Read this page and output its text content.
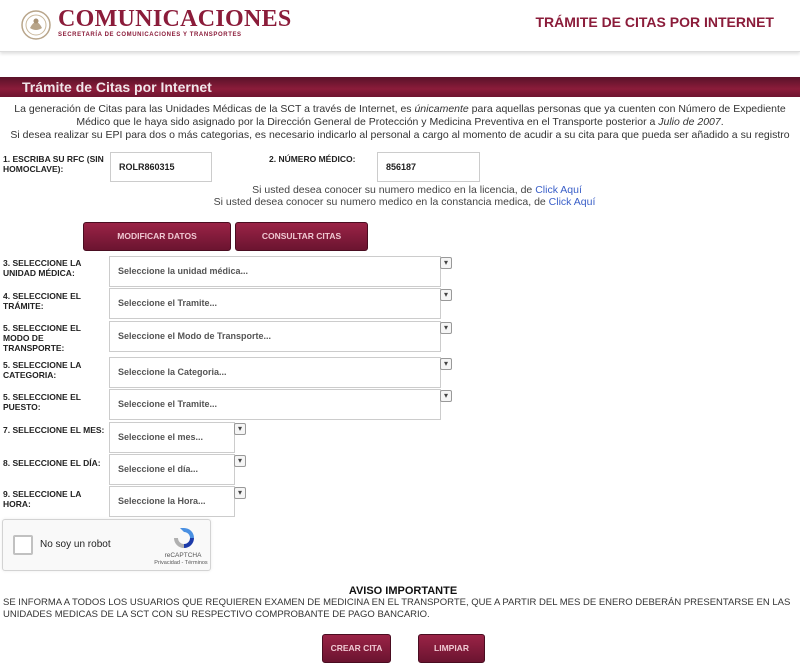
COMUNICACIONES
SECRETARÍA DE COMUNICACIONES Y TRANSPORTES
TRÁMITE DE CITAS POR INTERNET
Trámite de Citas por Internet
La generación de Citas para las Unidades Médicas de la SCT a través de Internet, es únicamente para aquellas personas que ya cuenten con Número de Expediente
Médico que le haya sido asignado por la Dirección General de Protección y Medicina Preventiva en el Transporte posterior a Julio de 2007.
Si desea realizar su EPI para dos o más categorias, es necesario indicarlo al personal a cargo al momento de acudir a su cita para que pueda ser añadido a su registro
1. ESCRIBA SU RFC (SIN
HOMOCLAVE):	ROLR860315
2. NÚMERO MÉDICO:
856187
Si usted desea conocer su numero medico en la licencia, de Click Aquí
Si usted desea conocer su numero medico en la constancia medica, de Click Aquí
MODIFICAR DATOS	CONSULTAR CITAS
3. SELECCIONE LA
UNIDAD MÉDICA:	Seleccione la unidad médica...
▾
4. SELECCIONE EL
TRÁMITE:	Seleccione el Tramite...
▾
5. SELECCIONE EL
MODO DE
TRANSPORTE:
Seleccione el Modo de Transporte...
▾
5. SELECCIONE LA
CATEGORIA:	Seleccione la Categoria...
▾
5. SELECCIONE EL
PUESTO:	Seleccione el Tramite...
▾
7. SELECCIONE EL MES:
Seleccione el mes...
▾
8. SELECCIONE EL DÍA:
Seleccione el día...
▾
9. SELECCIONE LA
HORA:	Seleccione la Hora...
▾
No soy un robot
reCAPTCHA
Privacidad - Términos
AVISO IMPORTANTE
SE INFORMA A TODOS LOS USUARIOS QUE REQUIEREN EXAMEN DE MEDICINA EN EL TRANSPORTE, QUE A PARTIR DEL MES DE ENERO DEBERÁN PRESENTARSE EN LAS UNIDADES MEDICAS DE LA SCT CON SU RESPECTIVO COMPROBANTE DE PAGO BANCARIO.
CREAR CITA	LIMPIAR
